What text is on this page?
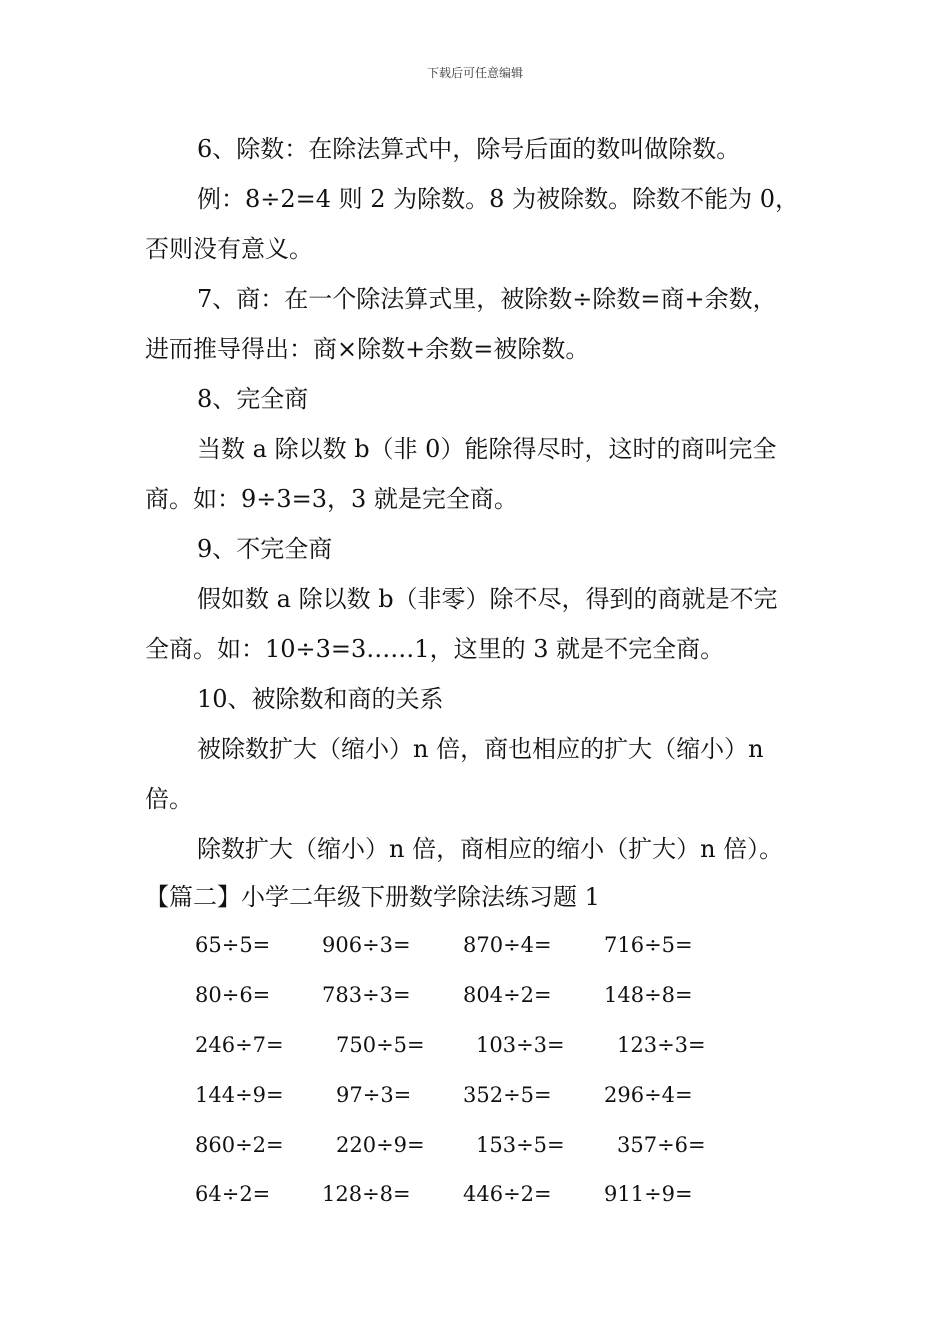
下载后可任意编辑
6、除数：在除法算式中，除号后面的数叫做除数。
例：8÷2=4 则 2 为除数。8 为被除数。除数不能为 0，
否则没有意义。
7、商：在一个除法算式里，被除数÷除数=商+余数，
进而推导得出：商×除数+余数=被除数。
8、完全商
当数 a 除以数 b（非 0）能除得尽时，这时的商叫完全
商。如：9÷3=3，3 就是完全商。
9、不完全商
假如数 a 除以数 b（非零）除不尽，得到的商就是不完
全商。如：10÷3=3……1，这里的 3 就是不完全商。
10、被除数和商的关系
被除数扩大（缩小）n 倍，商也相应的扩大（缩小）n
倍。
除数扩大（缩小）n 倍，商相应的缩小（扩大）n 倍）。
【篇二】小学二年级下册数学除法练习题 1
65÷5= 906÷3= 870÷4= 716÷5=
80÷6= 783÷3= 804÷2= 148÷8=
246÷7= 750÷5= 103÷3= 123÷3=
144÷9= 97÷3= 352÷5= 296÷4=
860÷2= 220÷9= 153÷5= 357÷6=
64÷2= 128÷8= 446÷2= 911÷9=
